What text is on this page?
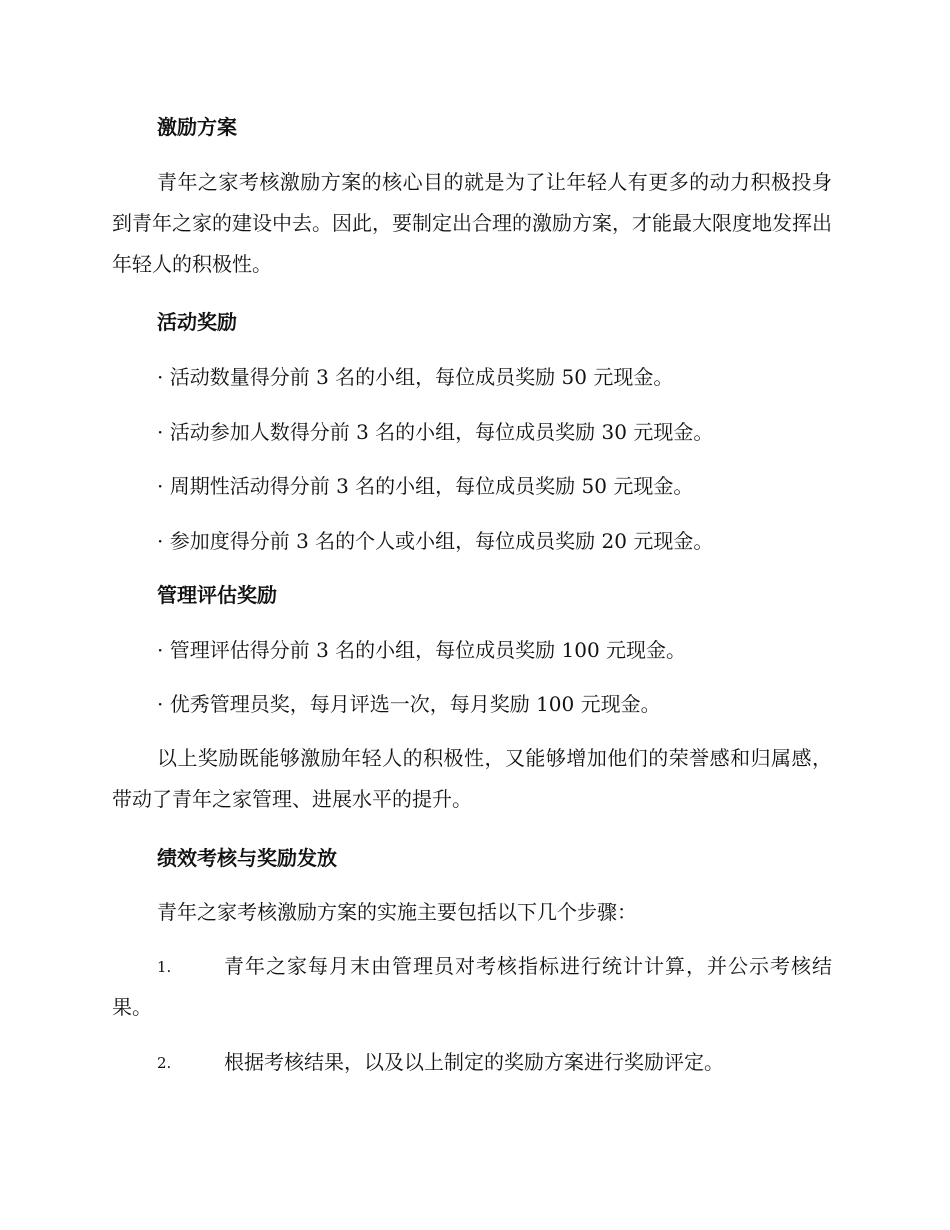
激励方案
青年之家考核激励方案的核心目的就是为了让年轻人有更多的动力积极投身到青年之家的建设中去。因此，要制定出合理的激励方案，才能最大限度地发挥出年轻人的积极性。
活动奖励
· 活动数量得分前 3 名的小组，每位成员奖励 50 元现金。
· 活动参加人数得分前 3 名的小组，每位成员奖励 30 元现金。
· 周期性活动得分前 3 名的小组，每位成员奖励 50 元现金。
· 参加度得分前 3 名的个人或小组，每位成员奖励 20 元现金。
管理评估奖励
· 管理评估得分前 3 名的小组，每位成员奖励 100 元现金。
· 优秀管理员奖，每月评选一次，每月奖励 100 元现金。
以上奖励既能够激励年轻人的积极性，又能够增加他们的荣誉感和归属感，带动了青年之家管理、进展水平的提升。
绩效考核与奖励发放
青年之家考核激励方案的实施主要包括以下几个步骤：
1.	青年之家每月末由管理员对考核指标进行统计计算，并公示考核结果。
2.	根据考核结果，以及以上制定的奖励方案进行奖励评定。
